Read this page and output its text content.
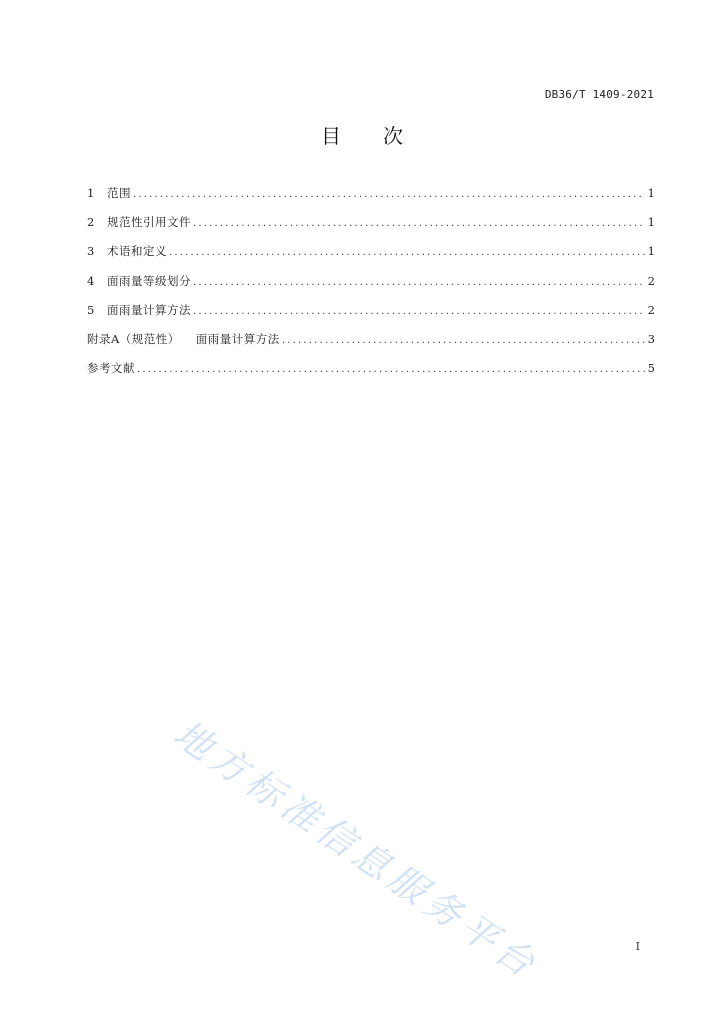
DB36/T 1409-2021
目 次
1	范围 .....	1
2	规范性引用文件 .....	1
3	术语和定义 .....	1
4	面雨量等级划分 .....	2
5	面雨量计算方法 .....	2
附录A（规范性） 面雨量计算方法 .....	3
参考文献 .....	5
地方标准信息服务平台	I
